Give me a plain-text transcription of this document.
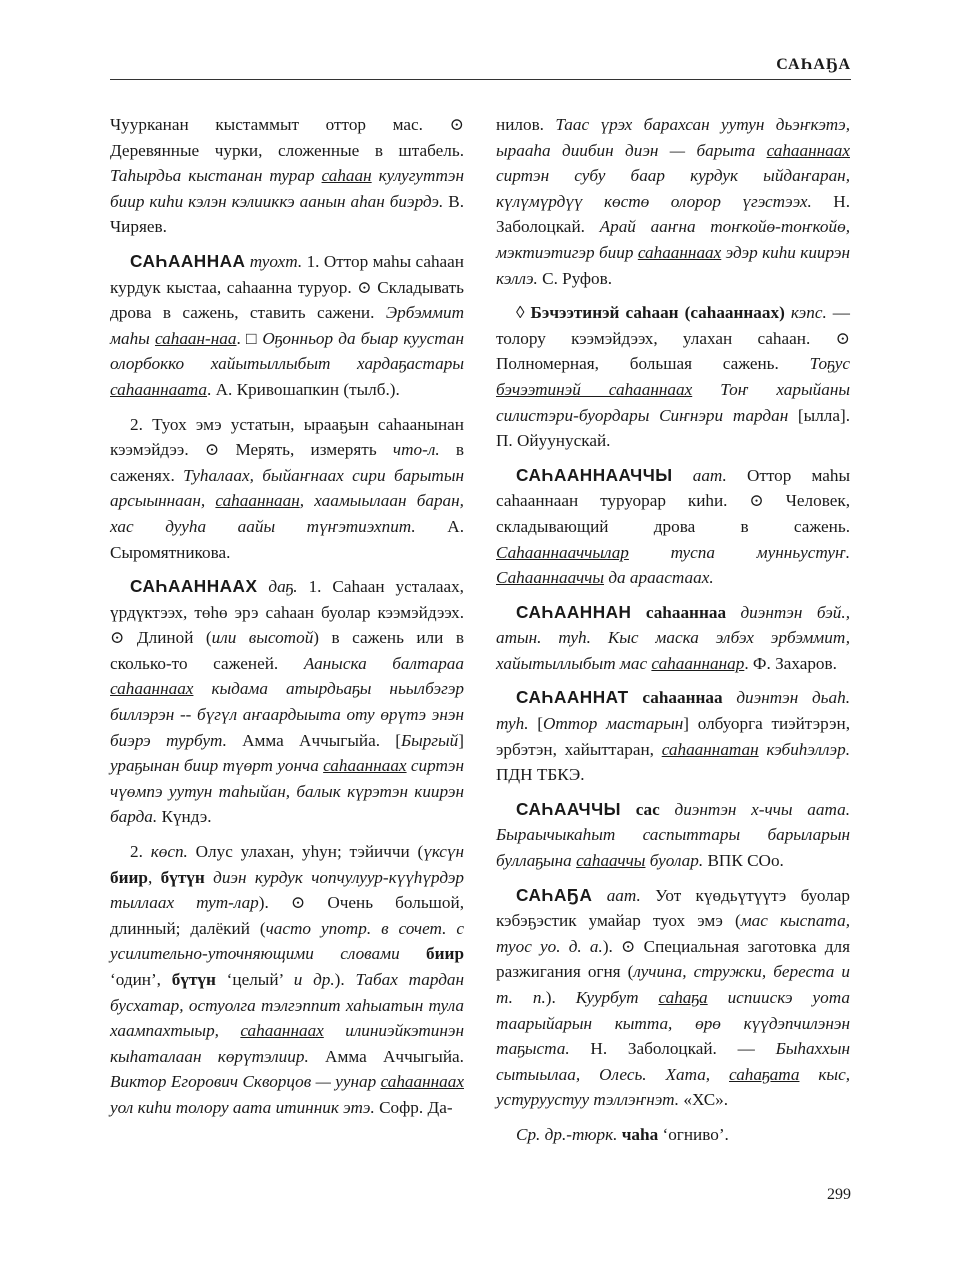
САҺАҔА

Чуурканан кыстаммыт оттор мас. ⊙ Деревянные чурки, сложенные в штабель. Таһырдьа кыстанан турар саһаан кулугуттэн биир киһи кэлэн кэлииккэ аанын аһан биэрдэ. В. Чиряев.

САҺААННАА туохт. 1. Оттор маһы саһаан курдук кыстаа, саһаанна туруор. ⊙ Складывать дрова в сажень, ставить сажени. Эрбэммит маһы саһаан-нaa. □ Оҕонньор да быар куустан олорбокко хайытыллыбыт хардаҕастары саһааннаата. А. Кривошапкин (тылб.).

2. Туох эмэ устатын, ырааҕын саһаанынан кээмэйдээ. ⊙ Мерять, измерять что-л. в саженях. Туһалаах, быйаҥнаах сири барытын арсыыннаан, саһааннаан, хаамыылаан баран, хас дууһа аайы түҥэтиэхпит. А. Сыромятникова.

САҺААННААХ даҕ. 1. Саһаан усталаах, үрдүктээх, төһө эрэ саһаан буолар кээмэйдээх. ⊙ Длиной (или высотой) в сажень или в сколько-то саженей. Ааныска балтараа саһааннаах кыдама атырдьаҕы ньылбэгэр биллэрэн -- бүгүл аҥаардыыта оту өрүтэ энэн биэрэ турбут. Амма Аччыгыйа. [Быргый] ураҕынан биир түөрт уонча саһааннаах сиртэн чүөмпэ уутун таһыйан, балык күрэтэн киирэн барда. Күндэ.

2. көсп. Олус улахан, уһун; тэйиччи (үксүн биир, бүтүн диэн курдук чопчулуур-күүһүрдэр тыллаах тут-лар). ⊙ Очень большой, длинный; далёкий (часто употр. в сочет. с усилительно-уточняющими словами биир ‘один’, бүтүн ‘целый’ и др.). Табах тардан бусхатар, остуолга тэлгэппит хаһыатын тула хаампахтыыр, саһааннаах илиниэйкэтинэн кыһаталаан көрүтэлиир. Амма Аччыгыйа. Виктор Егорович Скворцов — уунар саһааннаах уол киһи толору аата итинник этэ. Софр. Да-

нилов. Таас үрэх барахсан уутун дьэҥкэтэ, ырааһа диибин диэн — барыта саһааннаах сиртэн субу баар курдук ыйдаҥаран, күлүмүрдүү көстө олорор үгэстээх. Н. Заболоцкай. Арай ааҥна тоҥкойө-тоҥкойө, мэктиэтигэр биир саһааннаах эдэр киһи киирэн кэллэ. С. Руфов.

◊ Бэчээтинэй саһаан (саһааннаах) кэпс. — толору кээмэйдээх, улахан саһаан. ⊙ Полномерная, большая сажень. Тоҕус бэчээтинэй саһааннаах Тоҥ харыйаны силистэри-буордары Сиҥнэри тардан [ылла]. П. Ойуунускай.

САҺААННААЧЧЫ аат. Оттор маһы саһааннаан туруорар киһи. ⊙ Человек, складывающий дрова в сажень. Саһааннааччылар туспа мунньустуҥ. Саһааннааччы да араастаах.

САҺААННАН саһааннаа диэнтэн бэй., атын. туһ. Кыс маска элбэх эрбэммит, хайытыллыбыт мас саһааннанар. Ф. Захаров.

САҺААННАТ саһааннаа диэнтэн дьаһ. туһ. [Оттор мастарын] олбуорга тиэйтэрэн, эрбэтэн, хайыттаран, саһааннатан кэбиһэллэр. ПДН ТБКЭ.

САҺААЧЧЫ сас диэнтэн х-ччы аата. Быраычыкаһыт саспыттары барыларын буллаҕына саһааччы буолар. ВПК СОо.

САҺАҔА аат. Уот күөдьүтүүтэ буолар кэбэҕэстик умайар туох эмэ (мас кыспата, туос уо. д. а.). ⊙ Специальная заготовка для разжигания огня (лучина, стружки, береста и т. п.). Куурбут саһаҕа испиискэ уота таарыйарын кытта, өрө күүдэпчилэнэн таҕыста. Н. Заболоцкай. — Быһаххын сытыылаа, Олесь. Хата, саһаҕата кыс, устуруустуу тэллэҥнэт. «ХС».

Ср. др.-тюрк. чаһа ‘огниво’.

299
